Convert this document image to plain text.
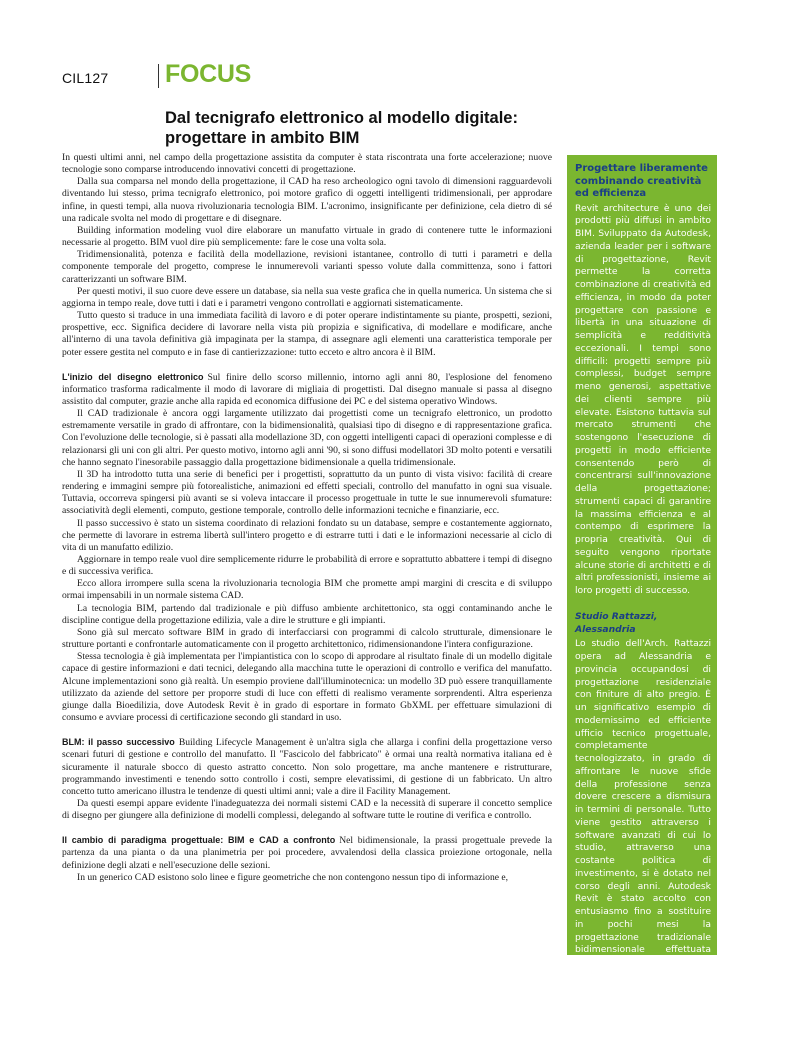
CIL127 FOCUS
Dal tecnigrafo elettronico al modello digitale:
progettare in ambito BIM

In questi ultimi anni, nel campo della progettazione assistita da computer è stata riscontrata una forte accelerazione; nuove tecnologie sono comparse introducendo innovativi concetti di progettazione.

Dalla sua comparsa nel mondo della progettazione, il CAD ha reso archeologico ogni tavolo di dimensioni ragguardevoli diventando lui stesso, prima tecnigrafo elettronico, poi motore grafico di oggetti intelligenti tridimensionali, per approdare infine, in questi tempi, alla nuova rivoluzionaria tecnologia BIM. L'acronimo, insignificante per definizione, cela dietro di sé una radicale svolta nel modo di progettare e di disegnare.

Building information modeling vuol dire elaborare un manufatto virtuale in grado di contenere tutte le informazioni necessarie al progetto. BIM vuol dire più semplicemente: fare le cose una volta sola.

Tridimensionalità, potenza e facilità della modellazione, revisioni istantanee, controllo di tutti i parametri e della componente temporale del progetto, comprese le innumerevoli varianti spesso volute dalla committenza, sono i fattori caratterizzanti un software BIM.

Per questi motivi, il suo cuore deve essere un database, sia nella sua veste grafica che in quella numerica. Un sistema che si aggiorna in tempo reale, dove tutti i dati e i parametri vengono controllati e aggiornati sistematicamente.

Tutto questo si traduce in una immediata facilità di lavoro e di poter operare indistintamente su piante, prospetti, sezioni, prospettive, ecc. Significa decidere di lavorare nella vista più propizia e significativa, di modellare e modificare, anche all'interno di una tavola definitiva già impaginata per la stampa, di assegnare agli elementi una caratteristica temporale per poter essere gestita nel computo e in fase di cantierizzazione: tutto ecceto e altro ancora è il BIM.

L'inizio del disegno elettronico Sul finire dello scorso millennio, intorno agli anni 80, l'esplosione del fenomeno informatico trasforma radicalmente il modo di lavorare di migliaia di progettisti. Dal disegno manuale si passa al disegno assistito dal computer, grazie anche alla rapida ed economica diffusione dei PC e del sistema operativo Windows.

Il CAD tradizionale è ancora oggi largamente utilizzato dai progettisti come un tecnigrafo elettronico, un prodotto estremamente versatile in grado di affrontare, con la bidimensionalità, qualsiasi tipo di disegno e di rappresentazione grafica. Con l'evoluzione delle tecnologie, si è passati alla modellazione 3D, con oggetti intelligenti capaci di operazioni complesse e di relazionarsi gli uni con gli altri. Per questo motivo, intorno agli anni '90, si sono diffusi modellatori 3D molto potenti e versatili che hanno segnato l'inesorabile passaggio dalla progettazione bidimensionale a quella tridimensionale.

Il 3D ha introdotto tutta una serie di benefici per i progettisti, soprattutto da un punto di vista visivo: facilità di creare rendering e immagini sempre più fotorealistiche, animazioni ed effetti speciali, controllo del manufatto in ogni sua visuale. Tuttavia, occorreva spingersi più avanti se si voleva intaccare il processo progettuale in tutte le sue innumerevoli sfumature: associatività degli elementi, computo, gestione temporale, controllo delle informazioni tecniche e finanziarie, ecc.

Il passo successivo è stato un sistema coordinato di relazioni fondato su un database, sempre e costantemente aggiornato, che permette di lavorare in estrema libertà sull'intero progetto e di estrarre tutti i dati e le informazioni necessarie al ciclo di vita di un manufatto edilizio.

Aggiornare in tempo reale vuol dire semplicemente ridurre le probabilità di errore e soprattutto abbattere i tempi di disegno e di successiva verifica.

Ecco allora irrompere sulla scena la rivoluzionaria tecnologia BIM che promette ampi margini di crescita e di sviluppo ormai impensabili in un normale sistema CAD.

La tecnologia BIM, partendo dal tradizionale e più diffuso ambiente architettonico, sta oggi contaminando anche le discipline contigue della progettazione edilizia, vale a dire le strutture e gli impianti.

Sono già sul mercato software BIM in grado di interfacciarsi con programmi di calcolo strutturale, dimensionare le strutture portanti e confrontarle automaticamente con il progetto architettonico, ridimensionandone l'intera configurazione.

Stessa tecnologia è già implementata per l'impiantistica con lo scopo di approdare al risultato finale di un modello digitale capace di gestire informazioni e dati tecnici, delegando alla macchina tutte le operazioni di controllo e verifica del manufatto. Alcune implementazioni sono già realtà. Un esempio proviene dall'illuminotecnica: un modello 3D può essere tranquillamente utilizzato da aziende del settore per proporre studi di luce con effetti di realismo veramente sorprendenti. Altra esperienza giunge dalla Bioedilizia, dove Autodesk Revit è in grado di esportare in formato GbXML per effettuare simulazioni di consumo e avviare processi di certificazione secondo gli standard in uso.

BLM: il passo successivo Building Lifecycle Management è un'altra sigla che allarga i confini della progettazione verso scenari futuri di gestione e controllo del manufatto. Il "Fascicolo del fabbricato" è ormai una realtà normativa italiana ed è sicuramente il naturale sbocco di questo astratto concetto. Non solo progettare, ma anche mantenere e ristrutturare, programmando investimenti e tenendo sotto controllo i costi, sempre elevatissimi, di gestione di un fabbricato. Un altro concetto tutto americano illustra le tendenze di questi ultimi anni; vale a dire il Facility Management.

Da questi esempi appare evidente l'inadeguatezza dei normali sistemi CAD e la necessità di superare il concetto semplice di disegno per giungere alla definizione di modelli complessi, delegando al software tutte le routine di verifica e controllo.

Il cambio di paradigma progettuale: BIM e CAD a confronto Nel bidimensionale, la prassi progettuale prevede la partenza da una pianta o da una planimetria per poi procedere, avvalendosi della classica proiezione ortogonale, nella definizione degli alzati e nell'esecuzione delle sezioni.

In un generico CAD esistono solo linee e figure geometriche che non contengono nessun tipo di informazione e,

Progettare liberamente combinando creatività ed efficienza

Revit architecture è uno dei prodotti più diffusi in ambito BIM. Sviluppato da Autodesk, azienda leader per i software di progettazione, Revit permette la corretta combinazione di creatività ed efficienza, in modo da poter progettare con passione e libertà in una situazione di semplicità e redditività eccezionali. I tempi sono difficili: progetti sempre più complessi, budget sempre meno generosi, aspettative dei clienti sempre più elevate. Esistono tuttavia sul mercato strumenti che sostengono l'esecuzione di progetti in modo efficiente consentendo però di concentrarsi sull'innovazione della progettazione; strumenti capaci di garantire la massima efficienza e al contempo di esprimere la propria creatività. Qui di seguito vengono riportate alcune storie di architetti e di altri professionisti, insieme ai loro progetti di successo.

Studio Rattazzi, Alessandria

Lo studio dell'Arch. Rattazzi opera ad Alessandria e provincia occupandosi di progettazione residenziale con finiture di alto pregio. È un significativo esempio di modernissimo ed efficiente ufficio tecnico progettuale, completamente tecnologizzato, in grado di affrontare le nuove sfide della professione senza dovere crescere a dismisura in termini di personale. Tutto viene gestito attraverso i software avanzati di cui lo studio, attraverso una costante politica di investimento, si è dotato nel corso degli anni. Autodesk Revit è stato accolto con entusiasmo fino a sostituire in pochi mesi la progettazione tradizionale bidimensionale effettuata con AutoCAD. Tutta l'elaborazione progettuale dello Studio transita ora attraverso Revit. Dall'idea concettuale fino al dettaglio esecutivo, passando per la stima delle opere, tutto il modello
